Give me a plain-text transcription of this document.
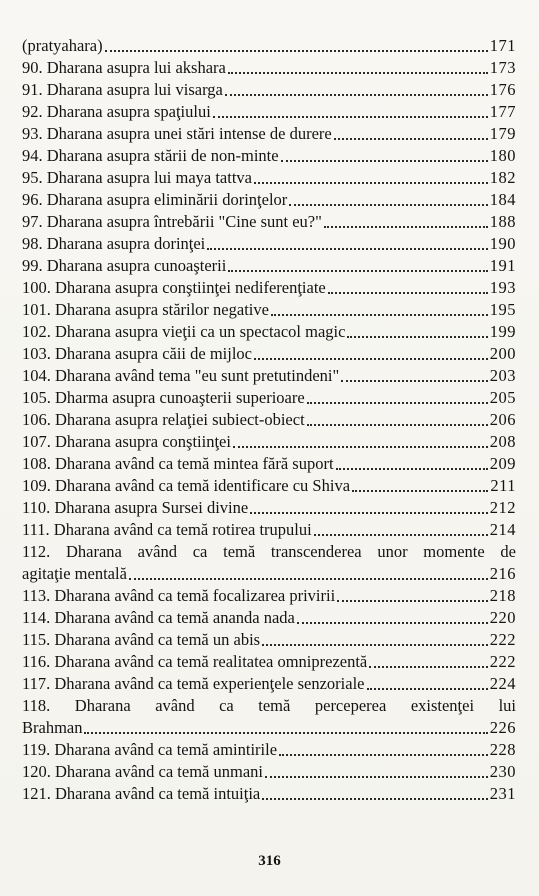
(pratyahara)	171
90. Dharana asupra lui akshara	173
91. Dharana asupra lui visarga	176
92. Dharana asupra spaţiului	177
93. Dharana asupra unei stări intense de durere	179
94. Dharana asupra stării de non-minte	180
95. Dharana asupra lui maya tattva	182
96. Dharana asupra eliminării dorinţelor	184
97. Dharana asupra întrebării "Cine sunt eu?"	188
98. Dharana asupra dorinţei	190
99. Dharana asupra cunoaşterii	191
100. Dharana asupra conştiinţei nediferenţiate	193
101. Dharana asupra stărilor negative	195
102. Dharana asupra vieţii ca un spectacol magic	199
103. Dharana asupra căii de mijloc	200
104. Dharana având tema "eu sunt pretutindeni"	203
105. Dharma asupra cunoaşterii superioare	205
106. Dharana asupra relaţiei subiect-obiect	206
107. Dharana asupra conştiinţei	208
108. Dharana având ca temă mintea fără suport	209
109. Dharana având ca temă identificare cu Shiva	211
110. Dharana asupra Sursei divine	212
111. Dharana având ca temă rotirea trupului	214
112. Dharana având ca temă transcenderea unor momente de
agitaţie mentală	216
113. Dharana având ca temă focalizarea privirii	218
114. Dharana având ca temă ananda nada	220
115. Dharana având ca temă un abis	222
116. Dharana având ca temă realitatea omniprezentă	222
117. Dharana având ca temă experienţele senzoriale	224
118. Dharana având ca temă perceperea existenţei lui
Brahman	226
119. Dharana având ca temă amintirile	228
120. Dharana având ca temă unmani	230
121. Dharana având ca temă intuiţia	231
316
